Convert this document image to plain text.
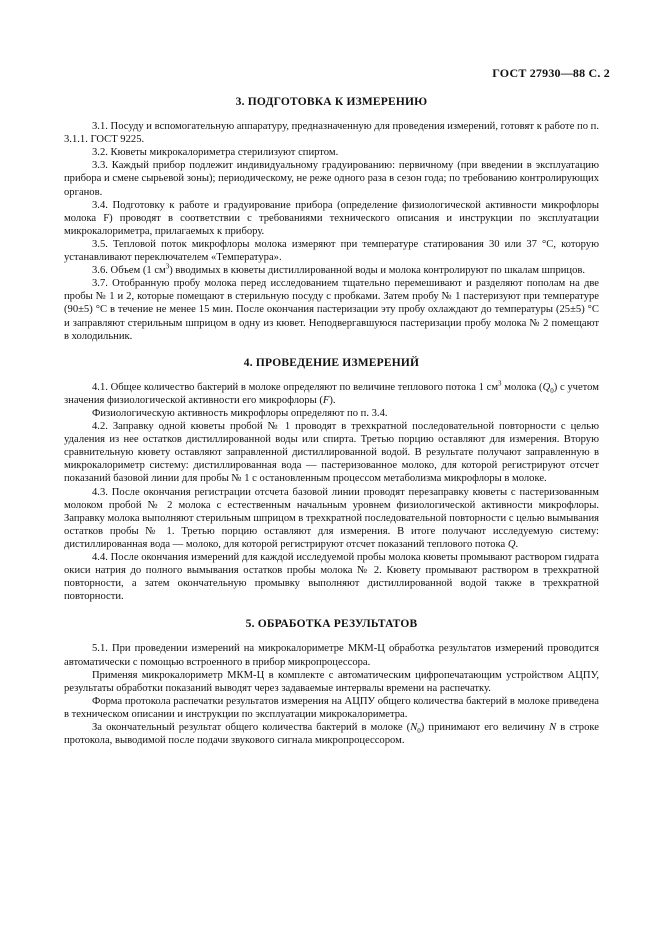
ГОСТ 27930—88 С. 2
3. ПОДГОТОВКА К ИЗМЕРЕНИЮ

3.1. Посуду и вспомогательную аппаратуру, предназначенную для проведения измерений, готовят к работе по п. 3.1.1. ГОСТ 9225.

3.2. Кюветы микрокалориметра стерилизуют спиртом.

3.3. Каждый прибор подлежит индивидуальному градуированию: первичному (при введении в эксплуатацию прибора и смене сырьевой зоны); периодическому, не реже одного раза в сезон года; по требованию контролирующих органов.

3.4. Подготовку к работе и градуирование прибора (определение физиологической активности микрофлоры молока F) проводят в соответствии с требованиями технического описания и инструкции по эксплуатации микрокалориметра, прилагаемых к прибору.

3.5. Тепловой поток микрофлоры молока измеряют при температуре статирования 30 или 37 °С, которую устанавливают переключателем «Температура».

3.6. Объем (1 $см^3$) вводимых в кюветы дистиллированной воды и молока контролируют по шкалам шприцов.

3.7. Отобранную пробу молока перед исследованием тщательно перемешивают и разделяют пополам на две пробы № 1 и 2, которые помещают в стерильную посуду с пробками. Затем пробу № 1 пастеризуют при температуре (90±5) °С в течение не менее 15 мин. После окончания пастеризации эту пробу охлаждают до температуры (25±5) °С и заправляют стерильным шприцом в одну из кювет. Неподвергавшуюся пастеризации пробу молока № 2 помещают в холодильник.

4. ПРОВЕДЕНИЕ ИЗМЕРЕНИЙ

4.1. Общее количество бактерий в молоке определяют по величине теплового потока 1 $см^3$ молока $(Q_0)$ с учетом значения физиологической активности его микрофлоры (F).

Физиологическую активность микрофлоры определяют по п. 3.4.

4.2. Заправку одной кюветы пробой № 1 проводят в трехкратной последовательной повторности с целью удаления из нее остатков дистиллированной воды или спирта. Третью порцию оставляют для измерения. Вторую сравнительную кювету оставляют заправленной дистиллированной водой. В результате получают заправленную в микрокалориметр систему: дистиллированная вода — пастеризованное молоко, для которой регистрируют отсчет показаний базовой линии для пробы № 1 с остановленным процессом метаболизма микрофлоры в молоке.

4.3. После окончания регистрации отсчета базовой линии проводят перезаправку кюветы с пастеризованным молоком пробой № 2 молока с естественным начальным уровнем физиологической активности микрофлоры. Заправку молока выполняют стерильным шприцом в трехкратной последовательной повторности с целью вымывания остатков пробы № 1. Третью порцию оставляют для измерения. В итоге получают исследуемую систему: дистиллированная вода — молоко, для которой регистрируют отсчет показаний теплового потока Q.

4.4. После окончания измерений для каждой исследуемой пробы молока кюветы промывают раствором гидрата окиси натрия до полного вымывания остатков пробы молока № 2. Кювету промывают раствором в трехкратной повторности, а затем окончательную промывку выполняют дистиллированной водой также в трехкратной повторности.

5. ОБРАБОТКА РЕЗУЛЬТАТОВ

5.1. При проведении измерений на микрокалориметре МКМ-Ц обработка результатов измерений проводится автоматически с помощью встроенного в прибор микропроцессора.

Применяя микрокалориметр МКМ-Ц в комплекте с автоматическим цифропечатающим устройством АЦПУ, результаты обработки показаний выводят через задаваемые интервалы времени на распечатку.

Форма протокола распечатки результатов измерения на АЦПУ общего количества бактерий в молоке приведена в техническом описании и инструкции по эксплуатации микрокалориметра.

За окончательный результат общего количества бактерий в молоке $(N_0)$ принимают его величину N в строке протокола, выводимой после подачи звукового сигнала микропроцессором.
